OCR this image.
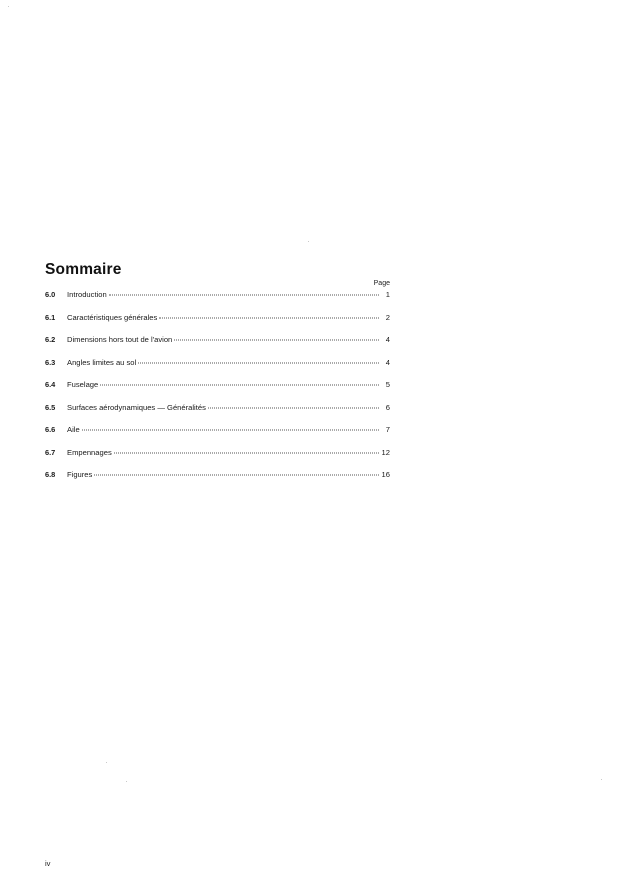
Sommaire
Page
6.0	Introduction	1
6.1	Caractéristiques générales	2
6.2	Dimensions hors tout de l'avion	4
6.3	Angles limites au sol	4
6.4	Fuselage	5
6.5	Surfaces aérodynamiques — Généralités	6
6.6	Aile	7
6.7	Empennages	12
6.8	Figures	16
iv
